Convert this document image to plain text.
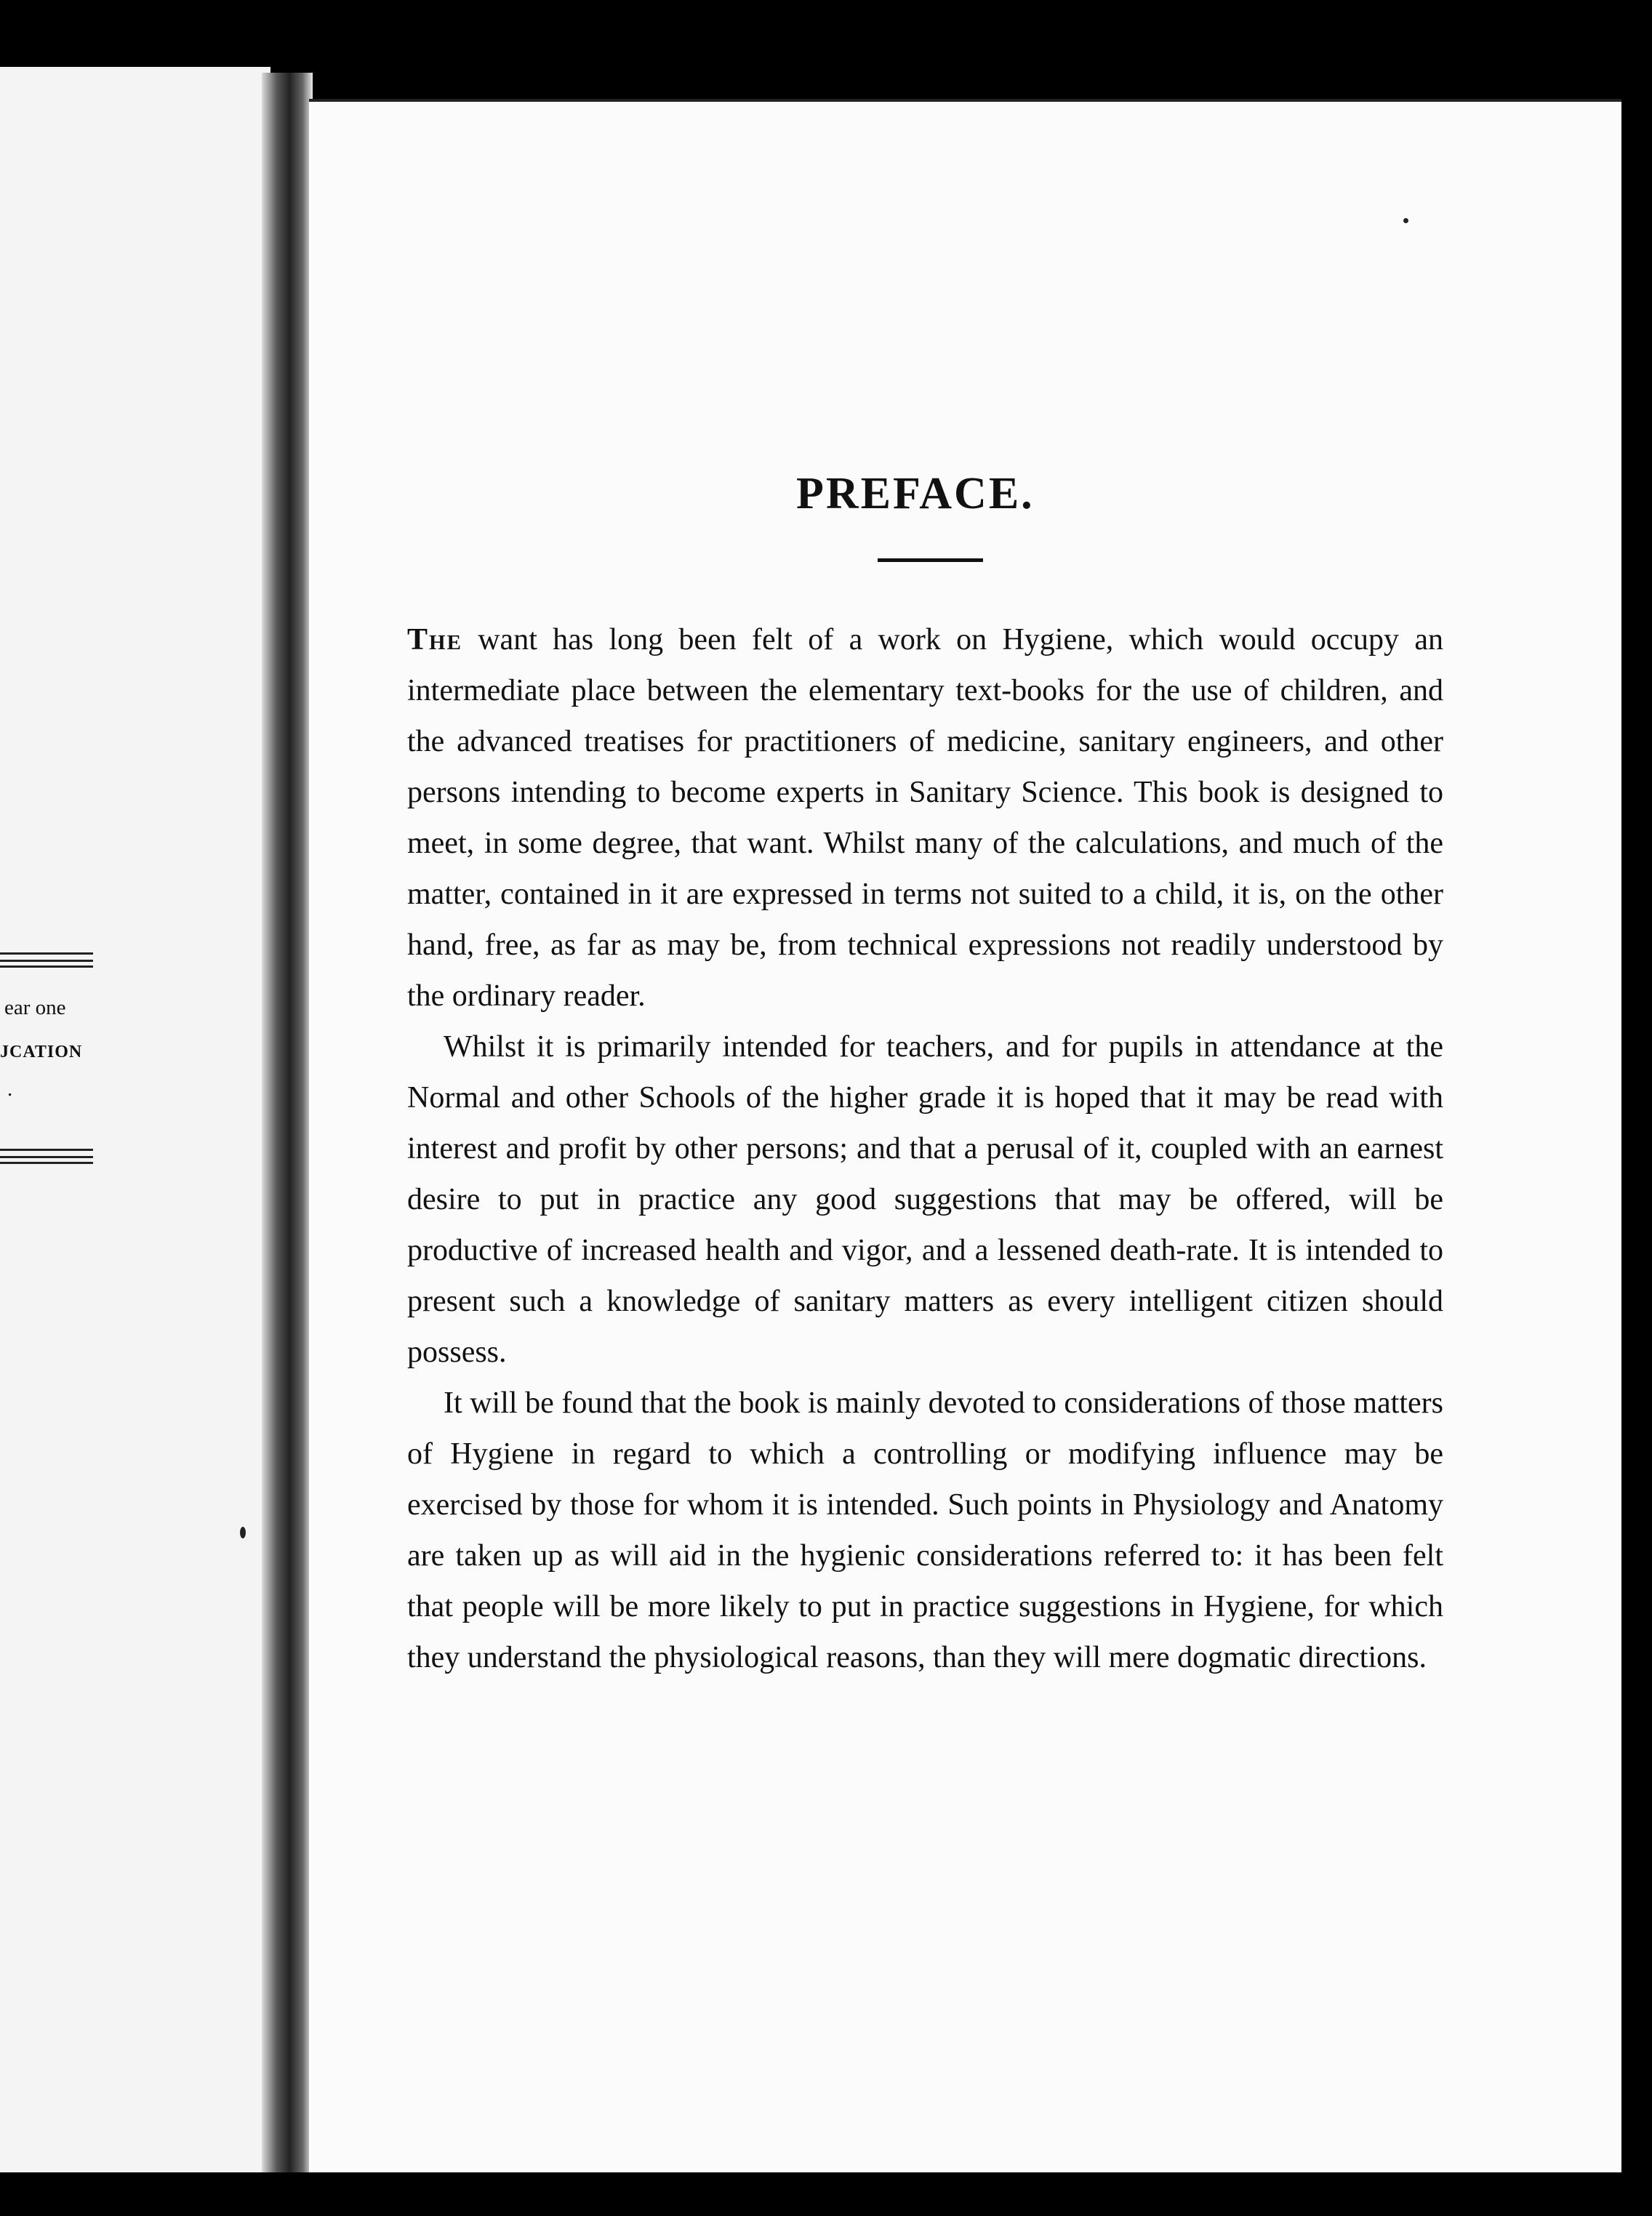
ear one
JCATION
.
PREFACE.

The want has long been felt of a work on Hygiene, which would occupy an intermediate place between the elementary text-books for the use of children, and the advanced treatises for practitioners of medicine, sanitary engineers, and other persons intending to become experts in Sanitary Science. This book is designed to meet, in some degree, that want. Whilst many of the calculations, and much of the matter, contained in it are expressed in terms not suited to a child, it is, on the other hand, free, as far as may be, from technical expressions not readily understood by the ordinary reader.

Whilst it is primarily intended for teachers, and for pupils in attendance at the Normal and other Schools of the higher grade it is hoped that it may be read with interest and profit by other persons; and that a perusal of it, coupled with an earnest desire to put in practice any good suggestions that may be offered, will be productive of increased health and vigor, and a lessened death-rate. It is intended to present such a knowledge of sanitary matters as every intelligent citizen should possess.

It will be found that the book is mainly devoted to considerations of those matters of Hygiene in regard to which a controlling or modifying influence may be exercised by those for whom it is intended. Such points in Physiology and Anatomy are taken up as will aid in the hygienic considerations referred to: it has been felt that people will be more likely to put in practice suggestions in Hygiene, for which they understand the physiological reasons, than they will mere dogmatic directions.
